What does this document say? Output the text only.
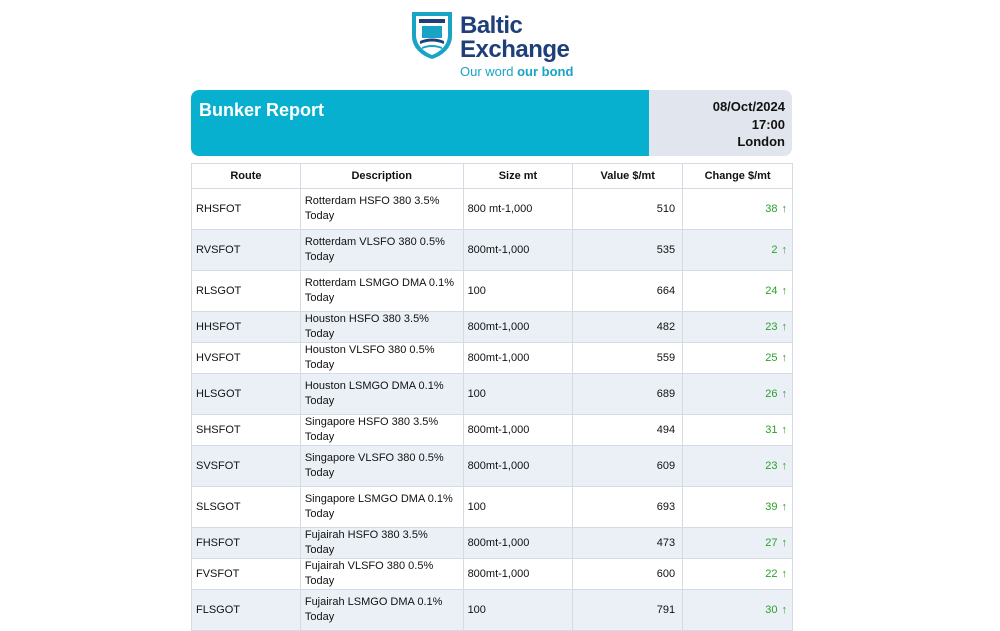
Baltic
Exchange
Our word our bond
Bunker Report	08/Oct/2024
17:00
London
Route	Description	Size mt	Value $/mt	Change $/mt
RHSFOT	Rotterdam HSFO 380 3.5% Today	800 mt-1,000	510	38 ↑
RVSFOT	Rotterdam VLSFO 380 0.5% Today	800mt-1,000	535	2 ↑
RLSGOT	Rotterdam LSMGO DMA 0.1% Today	100	664	24 ↑
HHSFOT	Houston HSFO 380 3.5% Today	800mt-1,000	482	23 ↑
HVSFOT	Houston VLSFO 380 0.5% Today	800mt-1,000	559	25 ↑
HLSGOT	Houston LSMGO DMA 0.1% Today	100	689	26 ↑
SHSFOT	Singapore HSFO 380 3.5% Today	800mt-1,000	494	31 ↑
SVSFOT	Singapore VLSFO 380 0.5% Today	800mt-1,000	609	23 ↑
SLSGOT	Singapore LSMGO DMA 0.1% Today	100	693	39 ↑
FHSFOT	Fujairah HSFO 380 3.5% Today	800mt-1,000	473	27 ↑
FVSFOT	Fujairah VLSFO 380 0.5% Today	800mt-1,000	600	22 ↑
FLSGOT	Fujairah LSMGO DMA 0.1% Today	100	791	30 ↑
